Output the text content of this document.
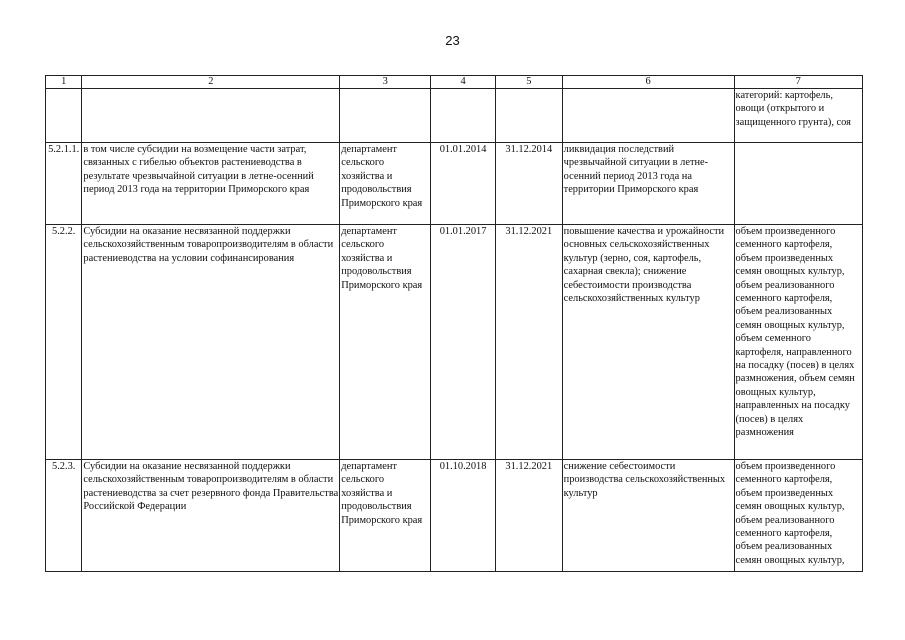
23
1	2	3	4	5	6	7
						категорий: картофель, овощи (открытого и защищенного грунта), соя
5.2.1.1.	в том числе субсидии на возмещение части затрат, связанных с гибелью объектов растениеводства в результате чрезвычайной ситуации в летне-осенний период 2013 года на территории Приморского края	департамент сельского хозяйства и продовольствия Приморского края	01.01.2014	31.12.2014	ликвидация последствий чрезвычайной ситуации в летне-осенний период 2013 года на территории Приморского края	
5.2.2.	Субсидии на оказание несвязанной поддержки сельскохозяйственным товаропроизводителям в области растениеводства на условии софинансирования	департамент сельского хозяйства и продовольствия Приморского края	01.01.2017	31.12.2021	повышение качества и урожайности основных сельскохозяйственных культур (зерно, соя, картофель, сахарная свекла); снижение себестоимости производства сельскохозяйственных культур	объем произведенного семенного картофеля, объем произведенных семян овощных культур, объем реализованного семенного картофеля, объем реализованных семян овощных культур, объем семенного картофеля, направленного на посадку (посев) в целях размножения, объем семян овощных культур, направленных на посадку (посев) в целях размножения
5.2.3.	Субсидии на оказание несвязанной поддержки сельскохозяйственным товаропроизводителям в области растениеводства за счет резервного фонда Правительства Российской Федерации	департамент сельского хозяйства и продовольствия Приморского края	01.10.2018	31.12.2021	снижение себестоимости производства сельскохозяйственных культур	объем произведенного семенного картофеля, объем произведенных семян овощных культур, объем реализованного семенного картофеля, объем реализованных семян овощных культур,
